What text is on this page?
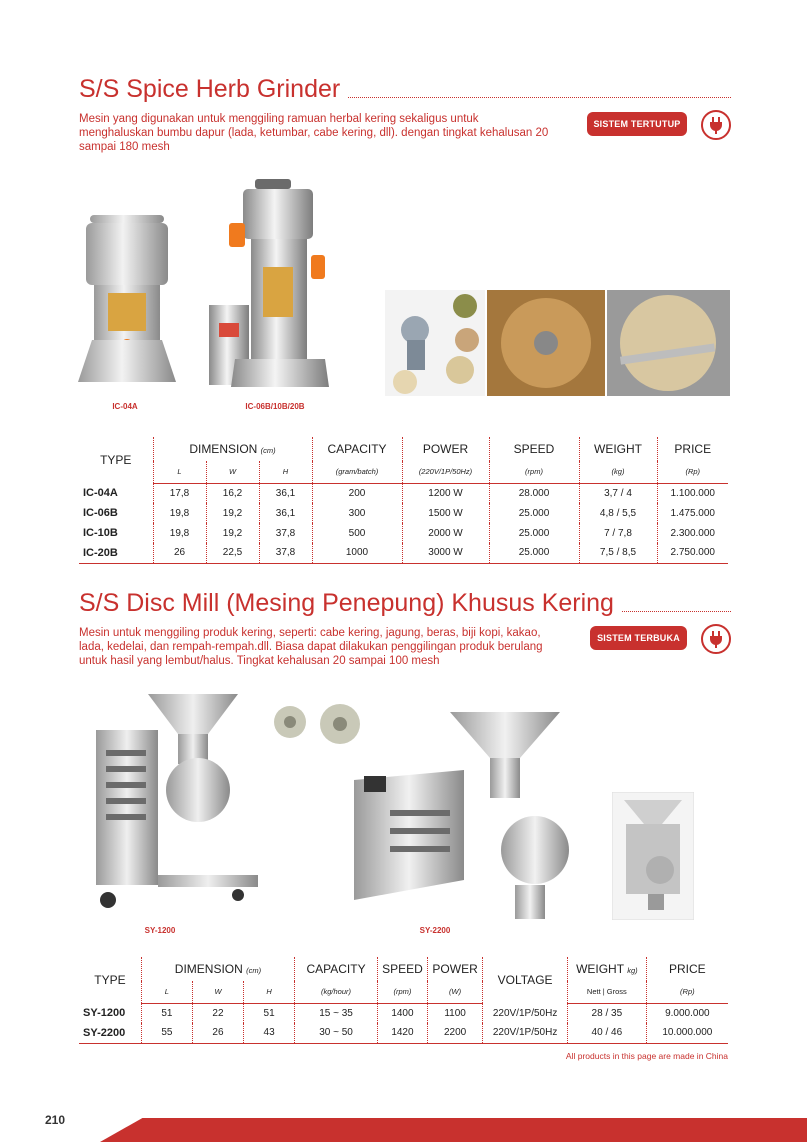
S/S Spice Herb Grinder
Mesin yang digunakan untuk menggiling ramuan herbal kering sekaligus untuk menghaluskan bumbu dapur (lada, ketumbar, cabe kering, dll). dengan tingkat kehalusan 20 sampai 180 mesh
SISTEM TERTUTUP
IC-04A	IC-06B/10B/20B
TYPE	DIMENSION (cm)			CAPACITY	POWER	SPEED	WEIGHT	PRICE
	L	W	H	(gram/batch)	(220V/1P/50Hz)	(rpm)	(kg)	(Rp)
IC-04A	17,8	16,2	36,1	200	1200 W	28.000	3,7 / 4	1.100.000
IC-06B	19,8	19,2	36,1	300	1500 W	25.000	4,8 / 5,5	1.475.000
IC-10B	19,8	19,2	37,8	500	2000 W	25.000	7 / 7,8	2.300.000
IC-20B	26	22,5	37,8	1000	3000 W	25.000	7,5 / 8,5	2.750.000
S/S Disc Mill (Mesing Penepung) Khusus Kering
Mesin untuk menggiling produk kering, seperti: cabe kering, jagung, beras, biji kopi, kakao, lada, kedelai, dan rempah-rempah.dll. Biasa dapat dilakukan penggilingan produk berulang untuk hasil yang lembut/halus. Tingkat kehalusan 20 sampai 100 mesh
SISTEM TERBUKA
SY-1200	SY-2200
TYPE	DIMENSION (cm)			CAPACITY	SPEED	POWER	VOLTAGE	WEIGHT kg)	PRICE
	L	W	H	(kg/hour)	(rpm)	(W)		Nett | Gross	(Rp)
SY-1200	51	22	51	15 ~ 35	1400	1100	220V/1P/50Hz	28 / 35	9.000.000
SY-2200	55	26	43	30 ~ 50	1420	2200	220V/1P/50Hz	40 / 46	10.000.000
All products in this page are made in China
210
